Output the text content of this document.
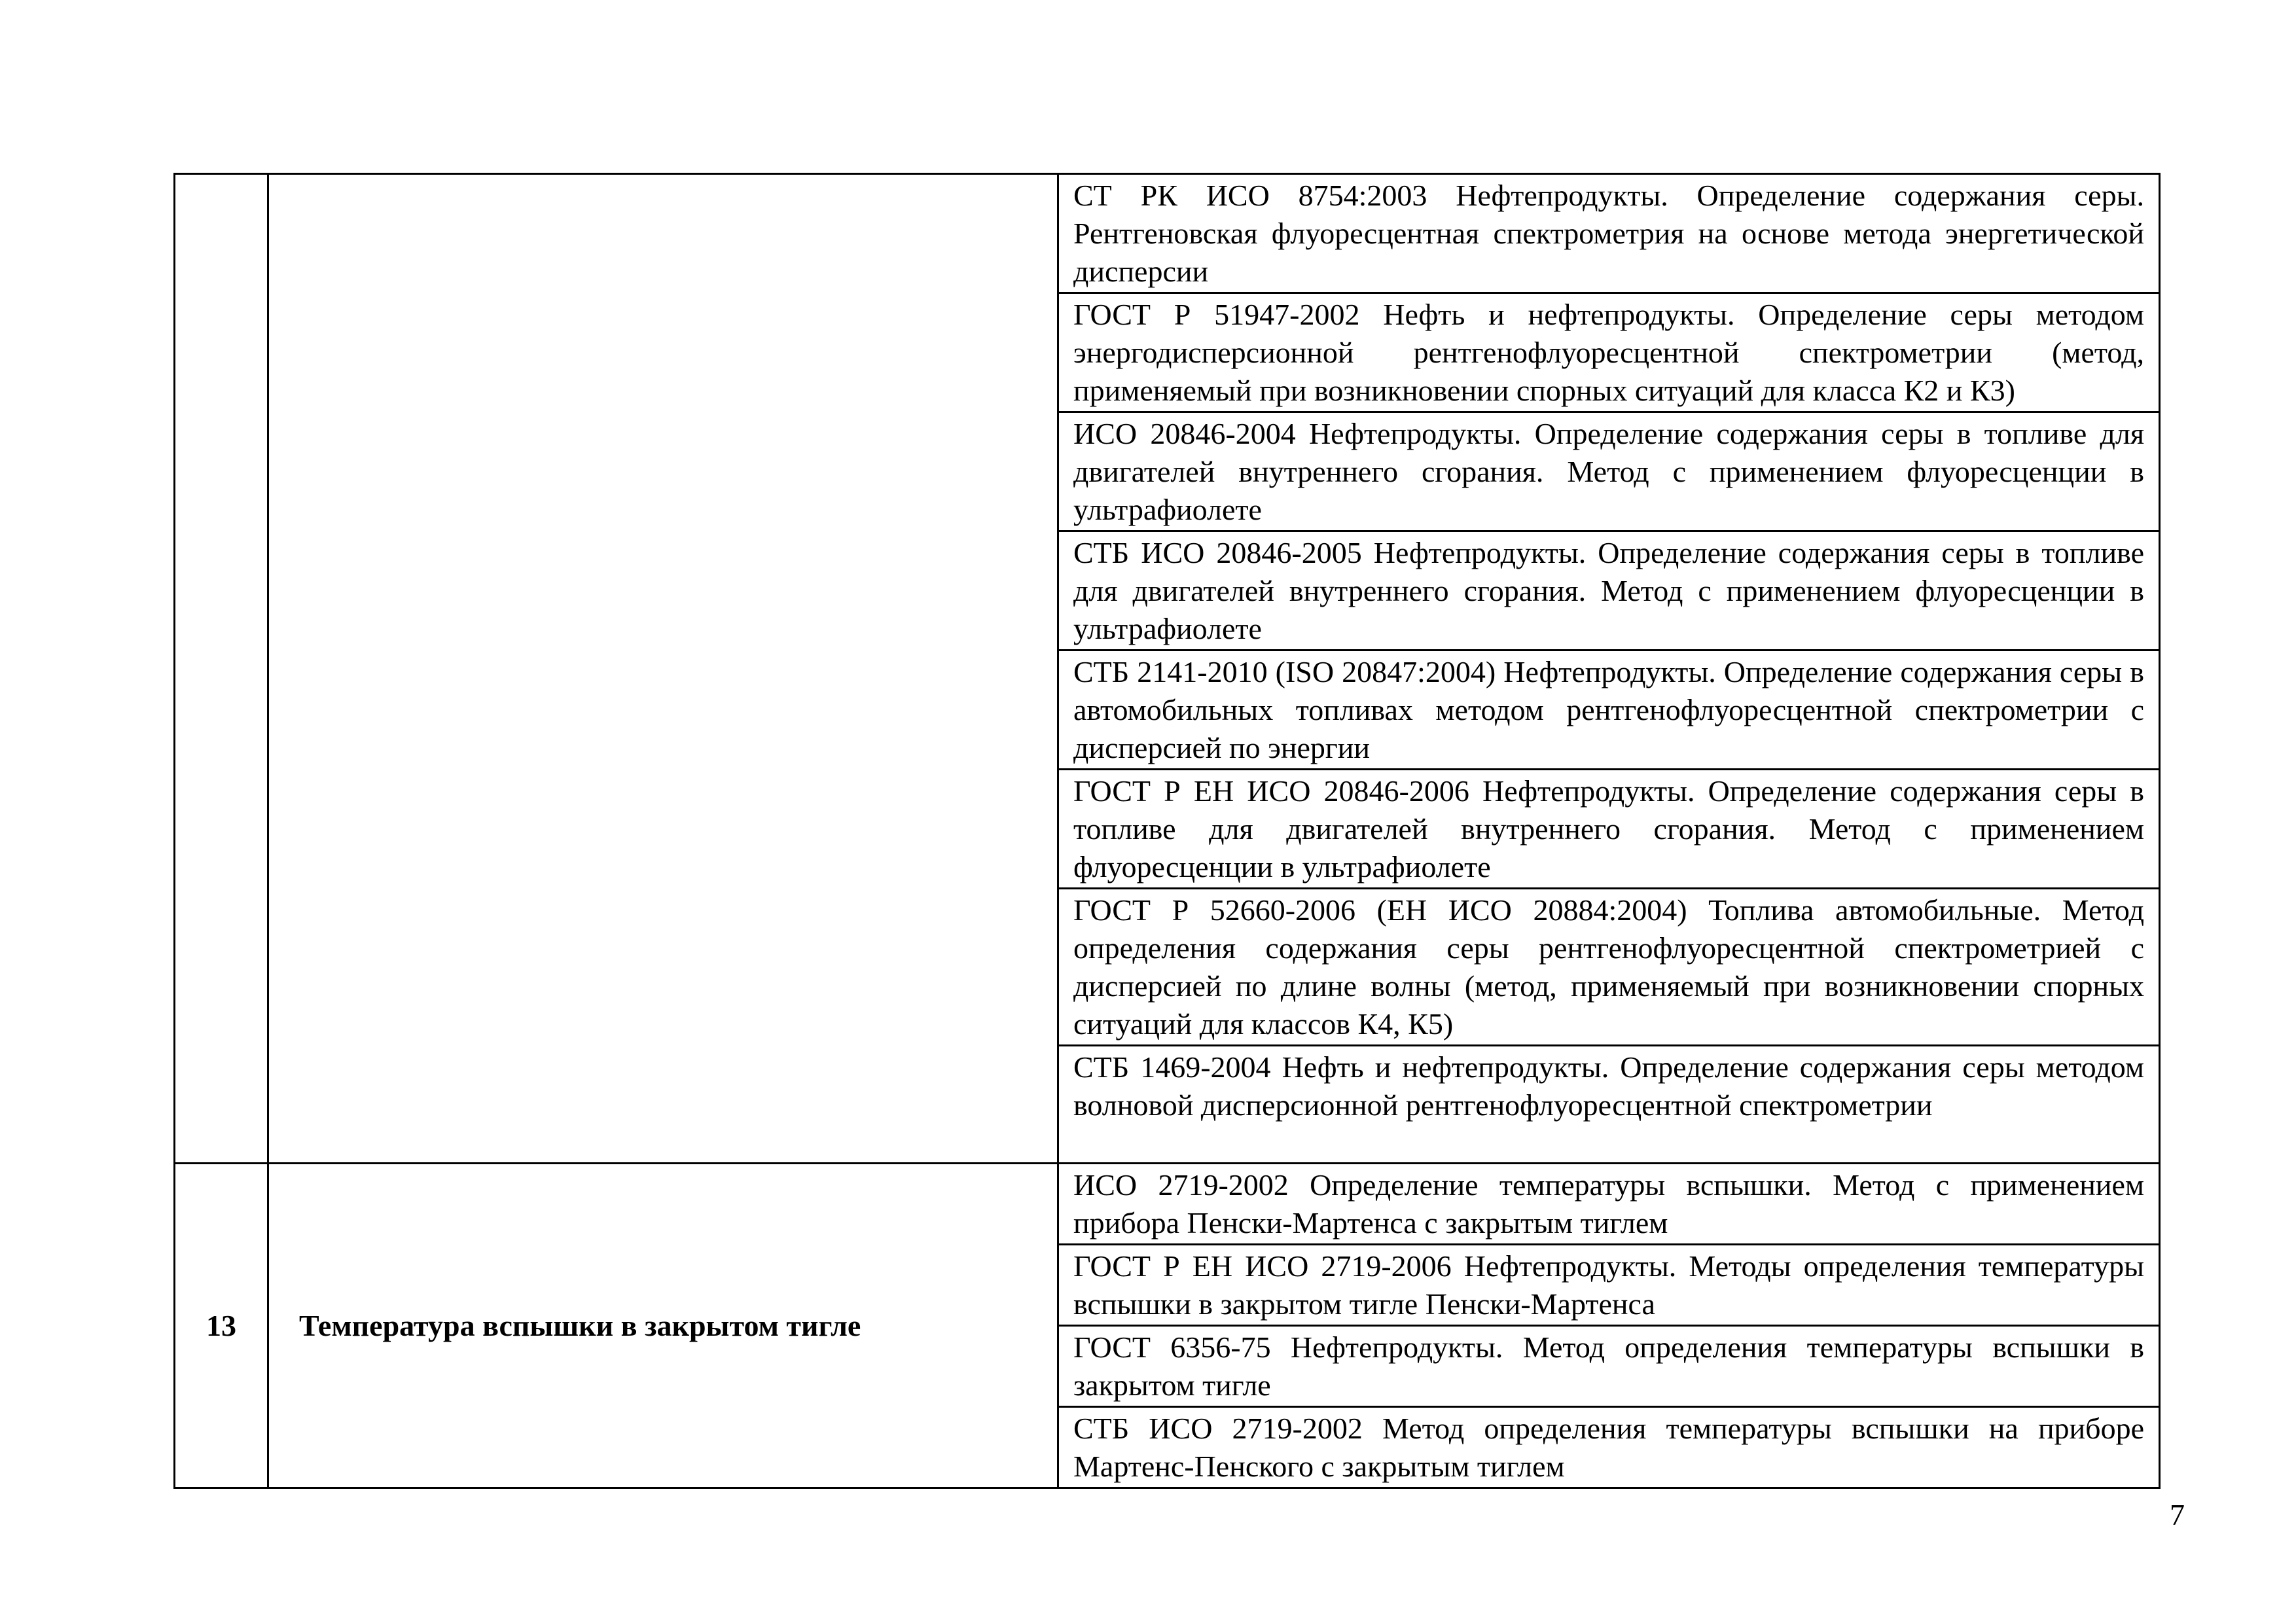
		СТ РК ИСО 8754:2003 Нефтепродукты. Определение содержания серы. Рентгеновская флуоресцентная спектрометрия на основе метода энергетической дисперсии

		ГОСТ Р 51947-2002 Нефть и нефтепродукты. Определение серы методом энергодисперсионной рентгенофлуоресцентной спектрометрии (метод, применяемый при возникновении спорных ситуаций для класса К2 и К3)

		ИСО 20846-2004 Нефтепродукты. Определение содержания серы в топливе для двигателей внутреннего сгорания. Метод с применением флуоресценции в ультрафиолете

		СТБ ИСО 20846-2005 Нефтепродукты. Определение содержания серы в топливе для двигателей внутреннего сгорания. Метод с применением флуоресценции в ультрафиолете

		СТБ 2141-2010 (ISO 20847:2004) Нефтепродукты. Определение содержания серы в автомобильных топливах методом рентгенофлуоресцентной спектрометрии с дисперсией по энергии

		ГОСТ Р ЕН ИСО 20846-2006 Нефтепродукты. Определение содержания серы в топливе для двигателей внутреннего сгорания. Метод с применением флуоресценции в ультрафиолете

		ГОСТ Р 52660-2006 (ЕН ИСО 20884:2004) Топлива автомобильные. Метод определения содержания серы рентгенофлуоресцентной спектрометрией с дисперсией по длине волны (метод, применяемый при возникновении спорных ситуаций для классов К4, К5)

		СТБ 1469-2004 Нефть и нефтепродукты. Определение содержания серы методом волновой дисперсионной рентгенофлуоресцентной спектрометрии

13	Температура вспышки в закрытом тигле	ИСО 2719-2002 Определение температуры вспышки. Метод с применением прибора Пенски-Мартенса с закрытым тиглем

		ГОСТ Р ЕН ИСО 2719-2006 Нефтепродукты. Методы определения температуры вспышки в закрытом тигле Пенски-Мартенса

		ГОСТ 6356-75 Нефтепродукты. Метод определения температуры вспышки в закрытом тигле

		СТБ ИСО 2719-2002 Метод определения температуры вспышки на приборе Мартенс-Пенского с закрытым тиглем
7
